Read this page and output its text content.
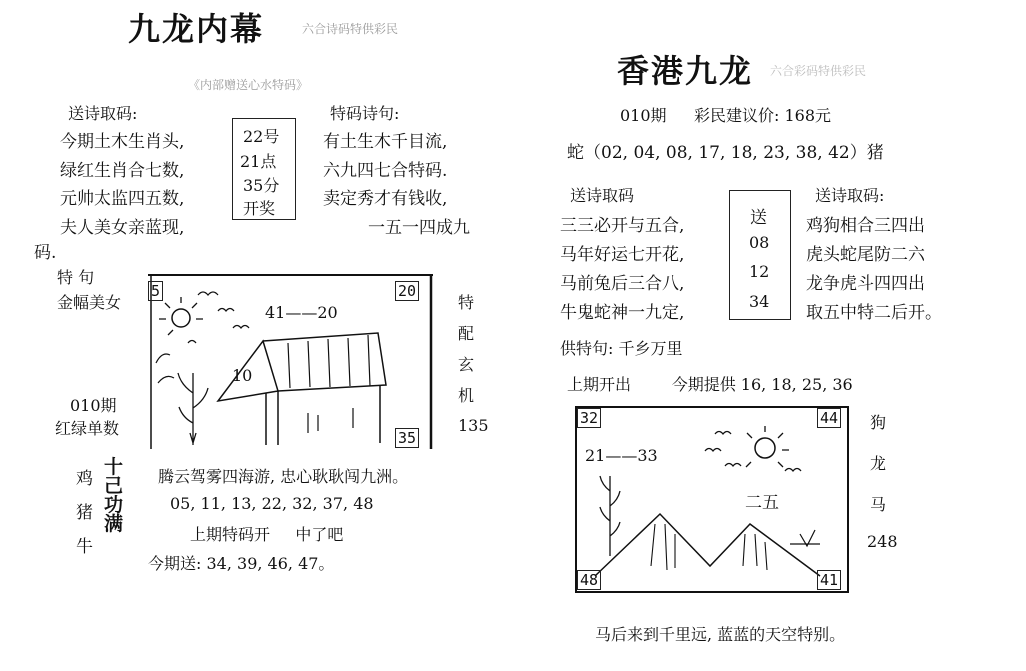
九龙内幕	六合诗码特供彩民
《内部赠送心水特码》
送诗取码:	特码诗句:
今期土木生肖头,
绿红生肖合七数,
元帅太监四五数,
夫人美女亲蓝现,
22号
21点
35分
开奖
有土生木千目流,
六九四七合特码.
卖定秀才有钱收,
一五一四成九
码.
特 句
金幅美女
010期
红绿单数
5	20
35
41——20
10
特
配
玄
机
135
鸡
猪
牛
十
己
功
满
腾云驾雾四海游, 忠心耿耿闯九洲。
05, 11, 13, 22, 32, 37, 48
上期特码开     中了吧
今期送: 34, 39, 46, 47。
香港九龙 六合彩码特供彩民
010期 彩民建议价: 168元
蛇（02, 04, 08, 17, 18, 23, 38, 42）猪
送诗取码	送诗取码:
三三必开与五合,
马年好运七开花,
马前兔后三合八,
牛鬼蛇神一九定,
送
08
12
34
鸡狗相合三四出
虎头蛇尾防二六
龙争虎斗四四出
取五中特二后开。
供特句: 千乡万里
上期开出        今期提供 16, 18, 25, 36
32	44
48	41
21——33
二五
狗
龙
马
248
马后来到千里远, 蓝蓝的天空特别。
